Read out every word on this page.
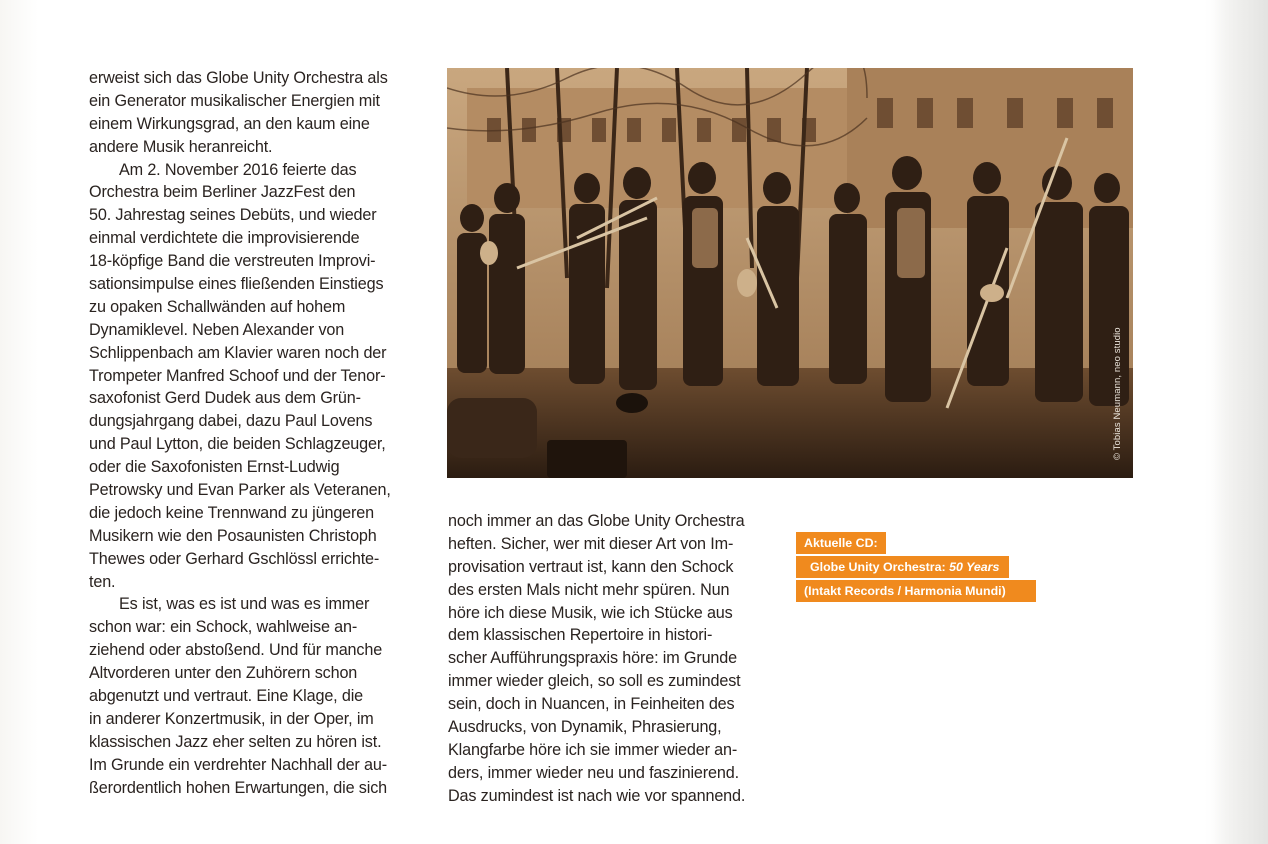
erweist sich das Globe Unity Orchestra als
ein Generator musikalischer Energien mit
einem Wirkungsgrad, an den kaum eine
andere Musik heranreicht.
Am 2. November 2016 feierte das
Orchestra beim Berliner JazzFest den
50. Jahrestag seines Debüts, und wieder
einmal verdichtete die improvisierende
18-köpfige Band die verstreuten Improvi-
sationsimpulse eines fließenden Einstiegs
zu opaken Schallwänden auf hohem
Dynamiklevel. Neben Alexander von
Schlippenbach am Klavier waren noch der
Trompeter Manfred Schoof und der Tenor-
saxofonist Gerd Dudek aus dem Grün-
dungsjahrgang dabei, dazu Paul Lovens
und Paul Lytton, die beiden Schlagzeuger,
oder die Saxofonisten Ernst-Ludwig
Petrowsky und Evan Parker als Veteranen,
die jedoch keine Trennwand zu jüngeren
Musikern wie den Posaunisten Christoph
Thewes oder Gerhard Gschlössl errichte-
ten.
Es ist, was es ist und was es immer
schon war: ein Schock, wahlweise an-
ziehend oder abstoßend. Und für manche
Altvorderen unter den Zuhörern schon
abgenutzt und vertraut. Eine Klage, die
in anderer Konzertmusik, in der Oper, im
klassischen Jazz eher selten zu hören ist.
Im Grunde ein verdrehter Nachhall der au-
ßerordentlich hohen Erwartungen, die sich
© Tobias Neumann, neo studio
noch immer an das Globe Unity Orchestra
heften. Sicher, wer mit dieser Art von Im-
provisation vertraut ist, kann den Schock
des ersten Mals nicht mehr spüren. Nun
höre ich diese Musik, wie ich Stücke aus
dem klassischen Repertoire in histori-
scher Aufführungspraxis höre: im Grunde
immer wieder gleich, so soll es zumindest
sein, doch in Nuancen, in Feinheiten des
Ausdrucks, von Dynamik, Phrasierung,
Klangfarbe höre ich sie immer wieder an-
ders, immer wieder neu und faszinierend.
Das zumindest ist nach wie vor spannend.
Aktuelle CD:
Globe Unity Orchestra: 50 Years
(Intakt Records / Harmonia Mundi)
